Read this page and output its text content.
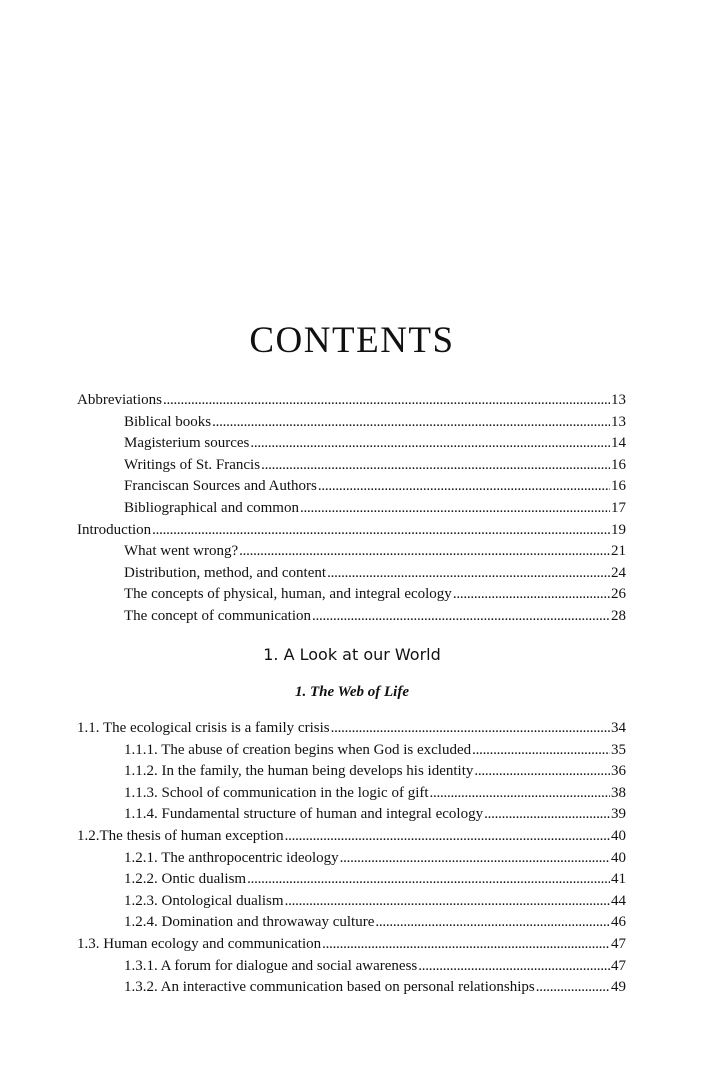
CONTENTS
Abbreviations . . .	13
Biblical books . . .	13
Magisterium sources . . .	14
Writings of St. Francis . . .	16
Franciscan Sources and Authors . . .	16
Bibliographical and common . . .	17
Introduction . . .	19
What went wrong? . . .	21
Distribution, method, and content . . .	24
The concepts of physical, human, and integral ecology . . .	26
The concept of communication . . .	28
1. A Look at our World
1. The Web of Life
1.1. The ecological crisis is a family crisis . . .	34
1.1.1. The abuse of creation begins when God is excluded . . .	35
1.1.2. In the family, the human being develops his identity . . .	36
1.1.3. School of communication in the logic of gift . . .	38
1.1.4. Fundamental structure of human and integral ecology . . .	39
1.2.The thesis of human exception . . .	40
1.2.1. The anthropocentric ideology . . .	40
1.2.2. Ontic dualism . . .	41
1.2.3. Ontological dualism . . .	44
1.2.4. Domination and throwaway culture . . .	46
1.3. Human ecology and communication . . .	47
1.3.1. A forum for dialogue and social awareness . . .	47
1.3.2. An interactive communication based on personal relationships . . .	49
